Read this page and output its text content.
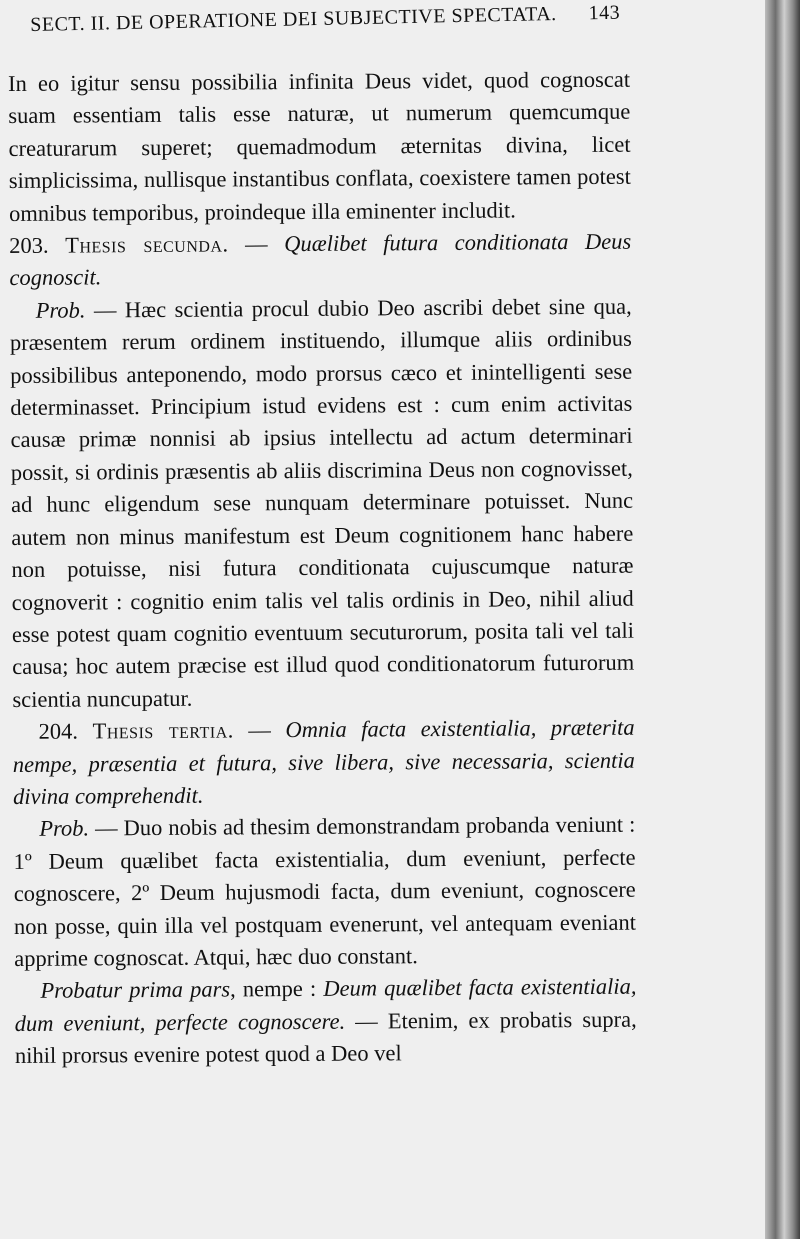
SECT. II. DE OPERATIONE DEI SUBJECTIVE SPECTATA. 143

In eo igitur sensu possibilia infinita Deus videt, quod cognoscat suam essentiam talis esse naturæ, ut numerum quemcumque creaturarum superet; quemadmodum æternitas divina, licet simplicissima, nullisque instantibus conflata, coexistere tamen potest omnibus temporibus, proindeque illa eminenter includit.

203. Thesis secunda. — Quælibet futura conditionata Deus cognoscit.

Prob. — Hæc scientia procul dubio Deo ascribi debet sine qua, præsentem rerum ordinem instituendo, illumque aliis ordinibus possibilibus anteponendo, modo prorsus cæco et inintelligenti sese determinasset. Principium istud evidens est : cum enim activitas causæ primæ nonnisi ab ipsius intellectu ad actum determinari possit, si ordinis præsentis ab aliis discrimina Deus non cognovisset, ad hunc eligendum sese nunquam determinare potuisset. Nunc autem non minus manifestum est Deum cognitionem hanc habere non potuisse, nisi futura conditionata cujuscumque naturæ cognoverit : cognitio enim talis vel talis ordinis in Deo, nihil aliud esse potest quam cognitio eventuum secuturorum, posita tali vel tali causa; hoc autem præcise est illud quod conditionatorum futurorum scientia nuncupatur.

204. Thesis tertia. — Omnia facta existentialia, præterita nempe, præsentia et futura, sive libera, sive necessaria, scientia divina comprehendit.

Prob. — Duo nobis ad thesim demonstrandam probanda veniunt : 1º Deum quælibet facta existentialia, dum eveniunt, perfecte cognoscere, 2º Deum hujusmodi facta, dum eveniunt, cognoscere non posse, quin illa vel postquam evenerunt, vel antequam eveniant apprime cognoscat. Atqui, hæc duo constant.

Probatur prima pars, nempe : Deum quælibet facta existentialia, dum eveniunt, perfecte cognoscere. — Etenim, ex probatis supra, nihil prorsus evenire potest quod a Deo vel
